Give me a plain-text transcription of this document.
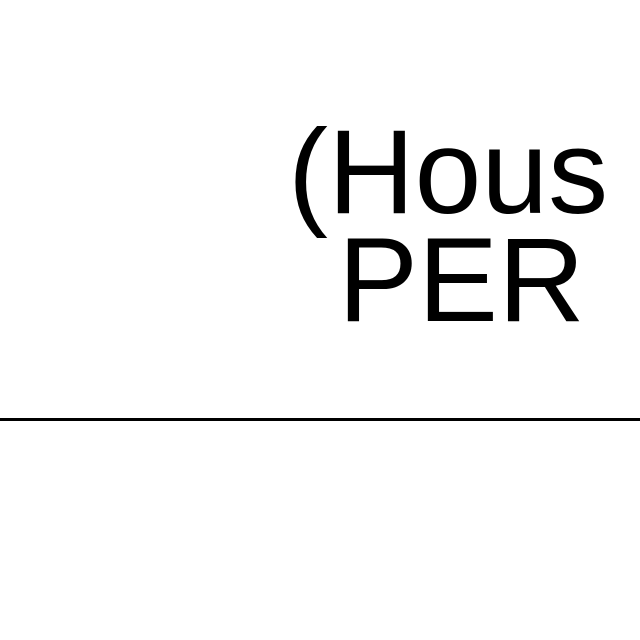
(Hous
PER
